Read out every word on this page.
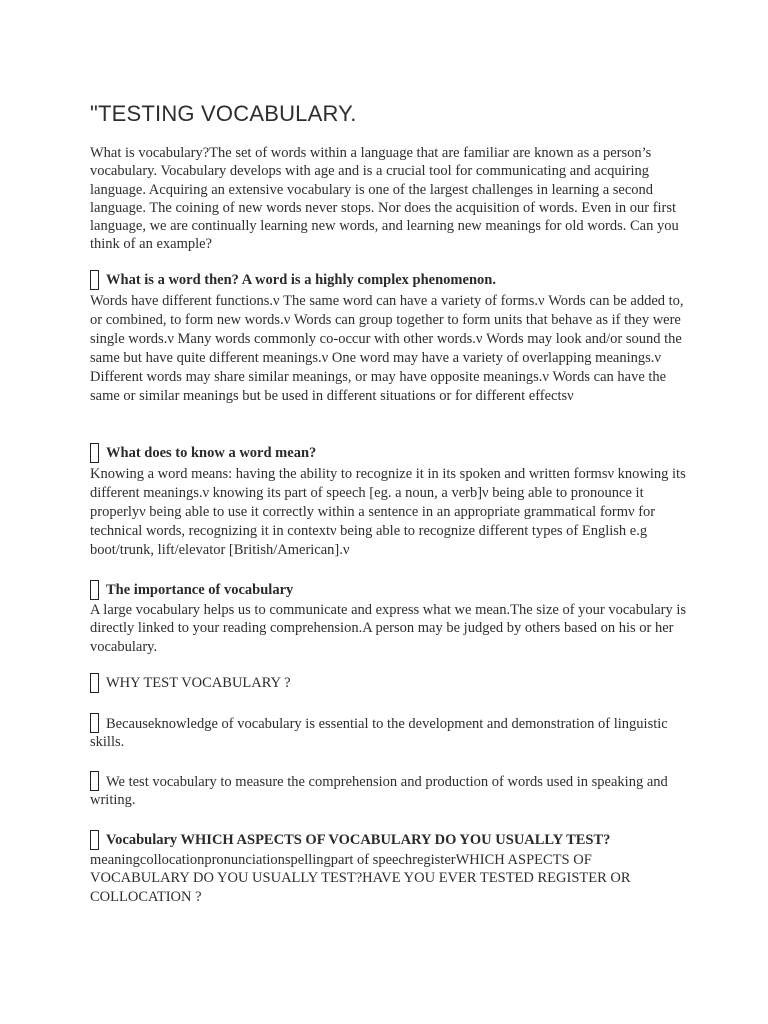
"TESTING VOCABULARY.
What is vocabulary?The set of words within a language that are familiar are known as a person’s vocabulary. Vocabulary develops with age and is a crucial tool for communicating and acquiring language. Acquiring an extensive vocabulary is one of the largest challenges in learning a second language. The coining of new words never stops. Nor does the acquisition of words. Even in our first language, we are continually learning new words, and learning new meanings for old words. Can you think of an example?
What is a word then? A word is a highly complex phenomenon.
Words have different functions.ν The same word can have a variety of forms.ν Words can be added to, or combined, to form new words.ν Words can group together to form units that behave as if they were single words.ν Many words commonly co-occur with other words.ν Words may look and/or sound the same but have quite different meanings.ν One word may have a variety of overlapping meanings.ν Different words may share similar meanings, or may have opposite meanings.ν Words can have the same or similar meanings but be used in different situations or for different effectsν
What does to know a word mean?
Knowing a word means: having the ability to recognize it in its spoken and written formsν knowing its different meanings.ν knowing its part of speech [eg. a noun, a verb]ν being able to pronounce it properlyν being able to use it correctly within a sentence in an appropriate grammatical formν for technical words, recognizing it in contextν being able to recognize different types of English e.g boot/trunk, lift/elevator [British/American].ν
The importance of vocabulary
A large vocabulary helps us to communicate and express what we mean.The size of your vocabulary is directly linked to your reading comprehension.A person may be judged by others based on his or her vocabulary.
WHY TEST VOCABULARY ?
Becauseknowledge of vocabulary is essential to the development and demonstration of linguistic skills.
We test vocabulary to measure the comprehension and production of words used in speaking and writing.
Vocabulary WHICH ASPECTS OF VOCABULARY DO YOU USUALLY TEST?
meaningcollocationpronunciationspellingpart of speechregisterWHICH ASPECTS OF VOCABULARY DO YOU USUALLY TEST?HAVE YOU EVER TESTED REGISTER OR COLLOCATION ?
